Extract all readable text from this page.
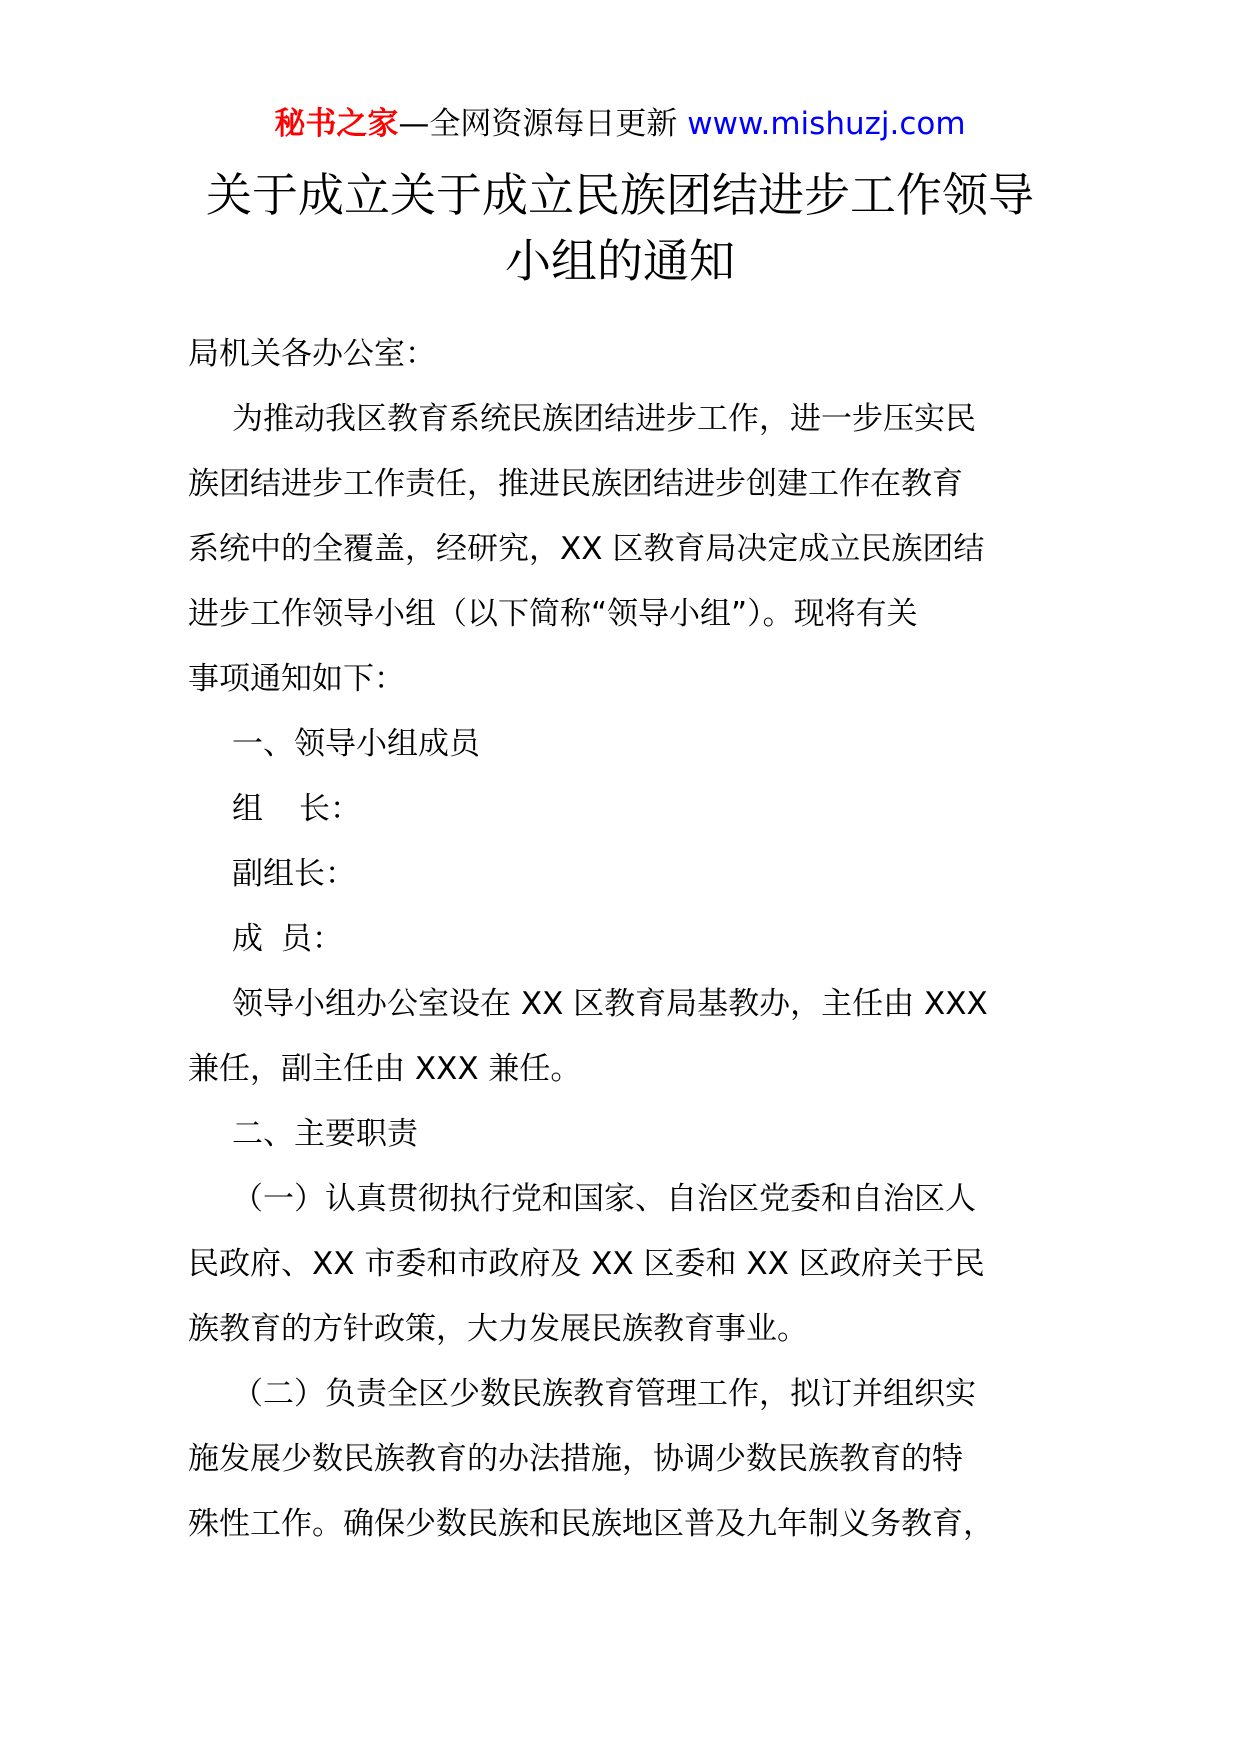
秘书之家—全网资源每日更新 www.mishuzj.com
关于成立关于成立民族团结进步工作领导
小组的通知
局机关各办公室：
为推动我区教育系统民族团结进步工作，进一步压实民
族团结进步工作责任，推进民族团结进步创建工作在教育
系统中的全覆盖，经研究，XX 区教育局决定成立民族团结
进步工作领导小组（以下简称“领导小组”）。现将有关
事项通知如下：
一、领导小组成员
组 长：
副组长：
成 员：
领导小组办公室设在 XX 区教育局基教办，主任由 XXX
兼任，副主任由 XXX 兼任。
二、主要职责
（一）认真贯彻执行党和国家、自治区党委和自治区人
民政府、XX 市委和市政府及 XX 区委和 XX 区政府关于民
族教育的方针政策，大力发展民族教育事业。
（二）负责全区少数民族教育管理工作，拟订并组织实
施发展少数民族教育的办法措施，协调少数民族教育的特
殊性工作。确保少数民族和民族地区普及九年制义务教育，
